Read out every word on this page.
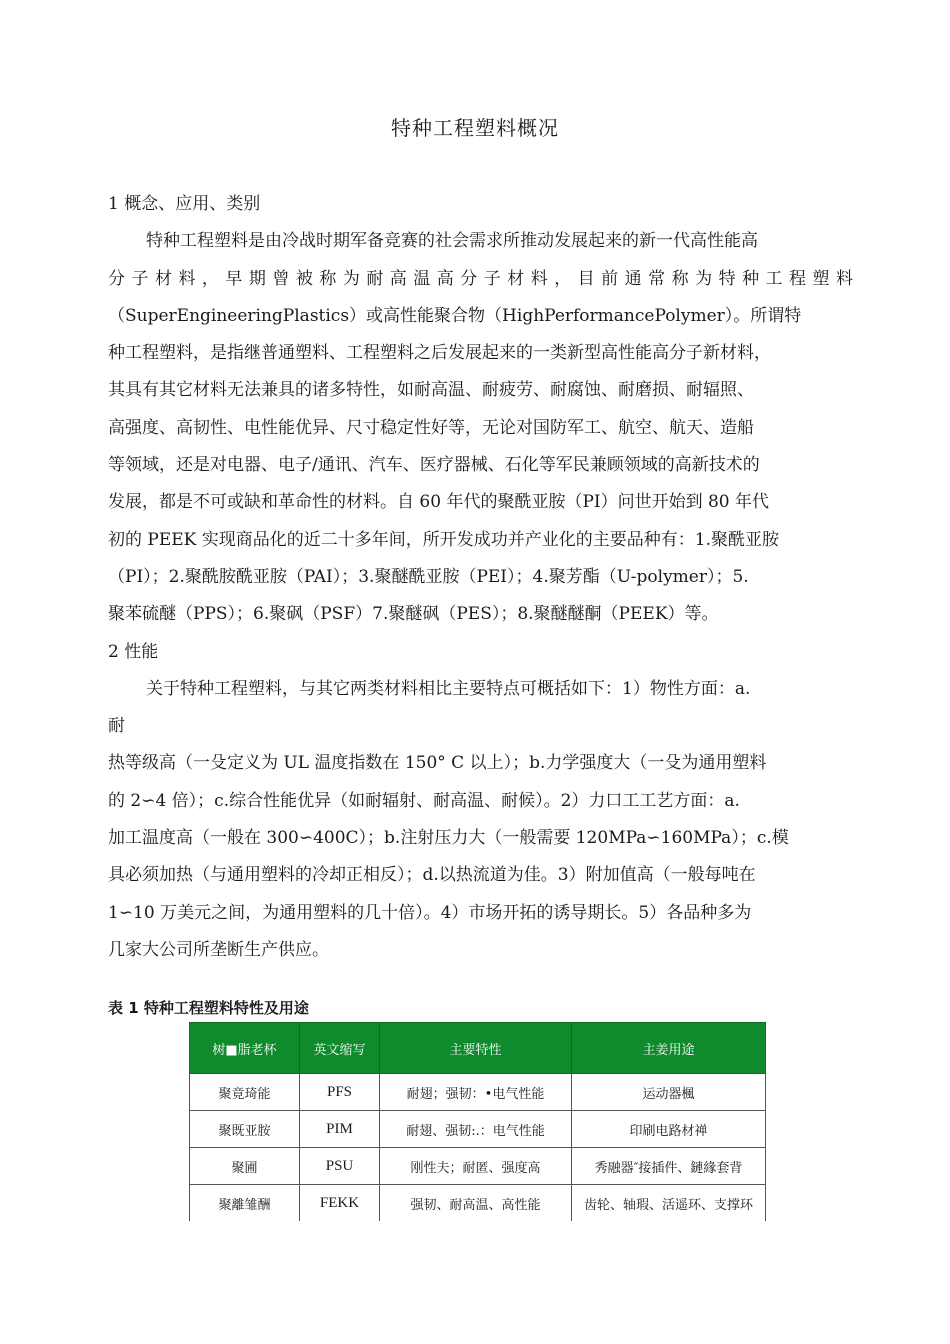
特种工程塑料概况
1 概念、应用、类别
特种工程塑料是由冷战时期军备竞赛的社会需求所推动发展起来的新一代高性能高
分子材料，早期曾被称为耐高温高分子材料，目前通常称为特种工程塑料
（SuperEngineeringPlastics）或高性能聚合物（HighPerformancePolymer）。所谓特
种工程塑料，是指继普通塑料、工程塑料之后发展起来的一类新型高性能高分子新材料，
其具有其它材料无法兼具的诸多特性，如耐高温、耐疲劳、耐腐蚀、耐磨损、耐辐照、
高强度、高韧性、电性能优异、尺寸稳定性好等，无论对国防军工、航空、航天、造船
等领域，还是对电器、电子/通讯、汽车、医疗器械、石化等军民兼顾领域的高新技术的
发展，都是不可或缺和革命性的材料。自 60 年代的聚酰亚胺（PI）问世开始到 80 年代
初的 PEEK 实现商品化的近二十多年间，所开发成功并产业化的主要品种有：1.聚酰亚胺
（PI）；2.聚酰胺酰亚胺（PAI）；3.聚醚酰亚胺（PEI）；4.聚芳酯（U-polymer）；5.
聚苯硫醚（PPS）；6.聚砜（PSF）7.聚醚砜（PES）；8.聚醚醚酮（PEEK）等。
2 性能
关于特种工程塑料，与其它两类材料相比主要特点可概括如下：1）物性方面：a.
耐
热等级高（一殳定义为 UL 温度指数在 150° C 以上）；b.力学强度大（一殳为通用塑料
的 2∽4 倍）；c.综合性能优异（如耐辐射、耐高温、耐候）。2）力口工工艺方面：a.
加工温度高（一般在 300∽400C）；b.注射压力大（一般需要 120MPa∽160MPa）；c.模
具必须加热（与通用塑料的冷却正相反）；d.以热流道为佳。3）附加值高（一般每吨在
1∽10 万美元之间，为通用塑料的几十倍）。4）市场开拓的诱导期长。5）各品种多为
几家大公司所垄断生产供应。
表 1 特种工程塑料特性及用途
树■脂老杯	英文缩写	主要特性	主姜用途
聚竟琦能	PFS	耐翅；强韧：•电气性能	运动器楓
聚既亚胺	PIM	耐翅、强韧:.：电气性能	印刷电路材禅
聚圃	PSU	刚性夫；耐匿、强度高	秀融器″接插件、鏈緣套背
聚離雏酬	FEKK	强韧、耐高温、高性能	齿轮、轴瑕、活遥环、支撑环
